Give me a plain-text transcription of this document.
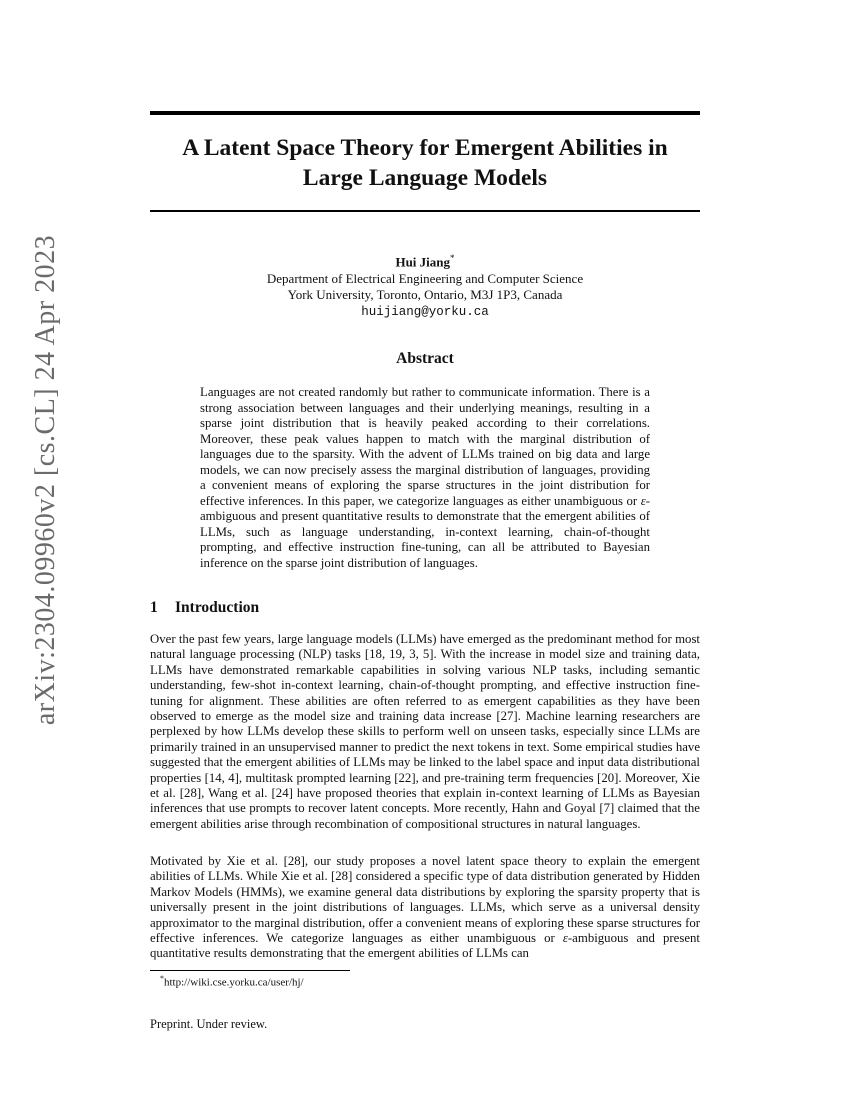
arXiv:2304.09960v2 [cs.CL] 24 Apr 2023
A Latent Space Theory for Emergent Abilities in Large Language Models
Hui Jiang*
Department of Electrical Engineering and Computer Science
York University, Toronto, Ontario, M3J 1P3, Canada
huijiang@yorku.ca
Abstract

Languages are not created randomly but rather to communicate information. There is a strong association between languages and their underlying meanings, resulting in a sparse joint distribution that is heavily peaked according to their correlations. Moreover, these peak values happen to match with the marginal distribution of languages due to the sparsity. With the advent of LLMs trained on big data and large models, we can now precisely assess the marginal distribution of languages, providing a convenient means of exploring the sparse structures in the joint distribution for effective inferences. In this paper, we categorize languages as either unambiguous or ε-ambiguous and present quantitative results to demonstrate that the emergent abilities of LLMs, such as language understanding, in-context learning, chain-of-thought prompting, and effective instruction fine-tuning, can all be attributed to Bayesian inference on the sparse joint distribution of languages.

1 Introduction

Over the past few years, large language models (LLMs) have emerged as the predominant method for most natural language processing (NLP) tasks [18, 19, 3, 5]. With the increase in model size and training data, LLMs have demonstrated remarkable capabilities in solving various NLP tasks, including semantic understanding, few-shot in-context learning, chain-of-thought prompting, and effective instruction fine-tuning for alignment. These abilities are often referred to as emergent capabilities as they have been observed to emerge as the model size and training data increase [27]. Machine learning researchers are perplexed by how LLMs develop these skills to perform well on unseen tasks, especially since LLMs are primarily trained in an unsupervised manner to predict the next tokens in text. Some empirical studies have suggested that the emergent abilities of LLMs may be linked to the label space and input data distributional properties [14, 4], multitask prompted learning [22], and pre-training term frequencies [20]. Moreover, Xie et al. [28], Wang et al. [24] have proposed theories that explain in-context learning of LLMs as Bayesian inferences that use prompts to recover latent concepts. More recently, Hahn and Goyal [7] claimed that the emergent abilities arise through recombination of compositional structures in natural languages.

Motivated by Xie et al. [28], our study proposes a novel latent space theory to explain the emergent abilities of LLMs. While Xie et al. [28] considered a specific type of data distribution generated by Hidden Markov Models (HMMs), we examine general data distributions by exploring the sparsity property that is universally present in the joint distributions of languages. LLMs, which serve as a universal density approximator to the marginal distribution, offer a convenient means of exploring these sparse structures for effective inferences. We categorize languages as either unambiguous or ε-ambiguous and present quantitative results demonstrating that the emergent abilities of LLMs can

*http://wiki.cse.yorku.ca/user/hj/
Preprint. Under review.
